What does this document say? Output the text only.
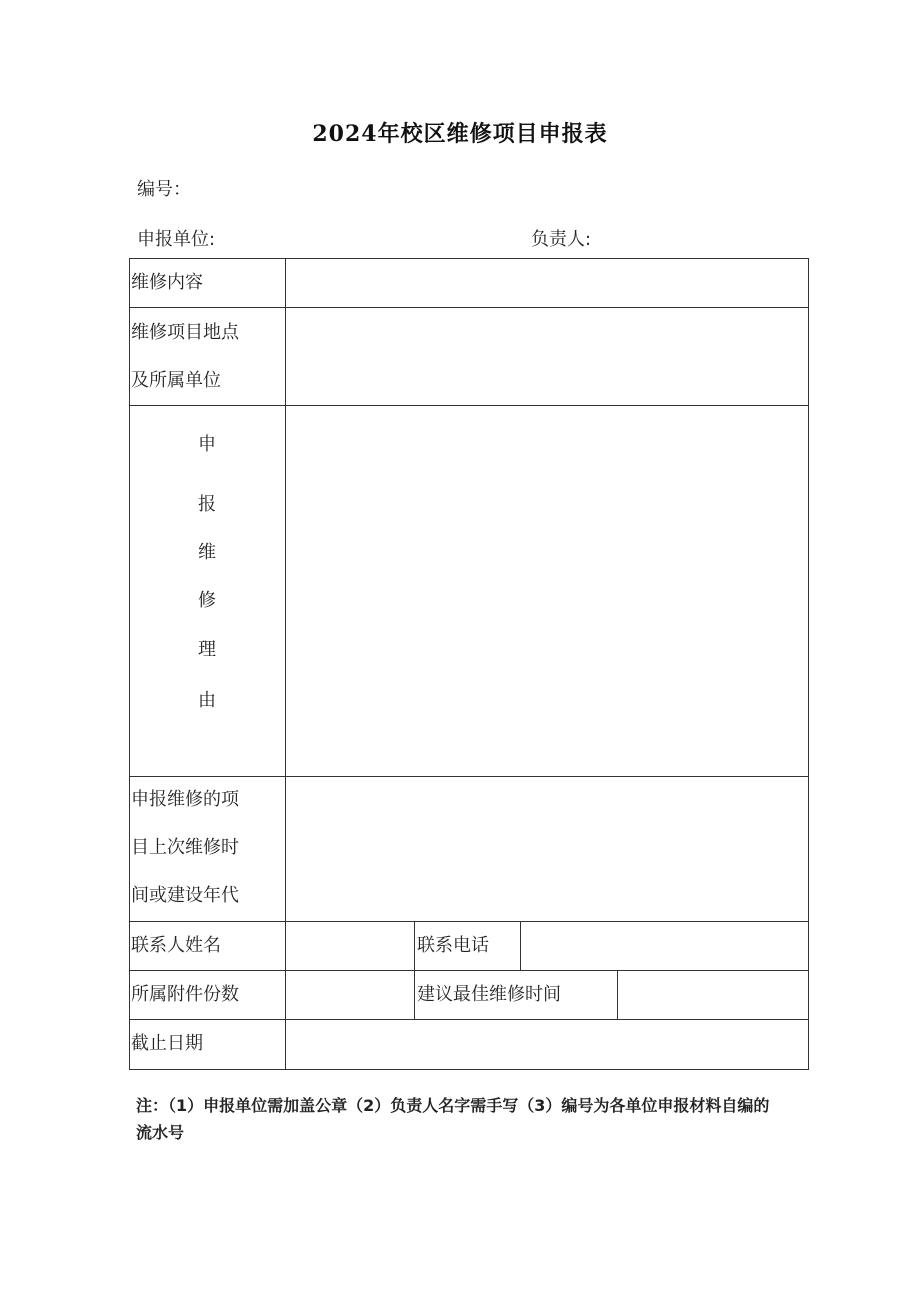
2024年校区维修项目申报表
编号：
申报单位:	负责人:
维修内容
维修项目地点
及所属单位
申
报
维
修
理
由
申报维修的项
目上次维修时
间或建设年代
联系人姓名	联系电话
所属附件份数	建议最佳维修时间
截止日期
注：（1）申报单位需加盖公章（2）负责人名字需手写（3）编号为各单位申报材料自编的流水号
